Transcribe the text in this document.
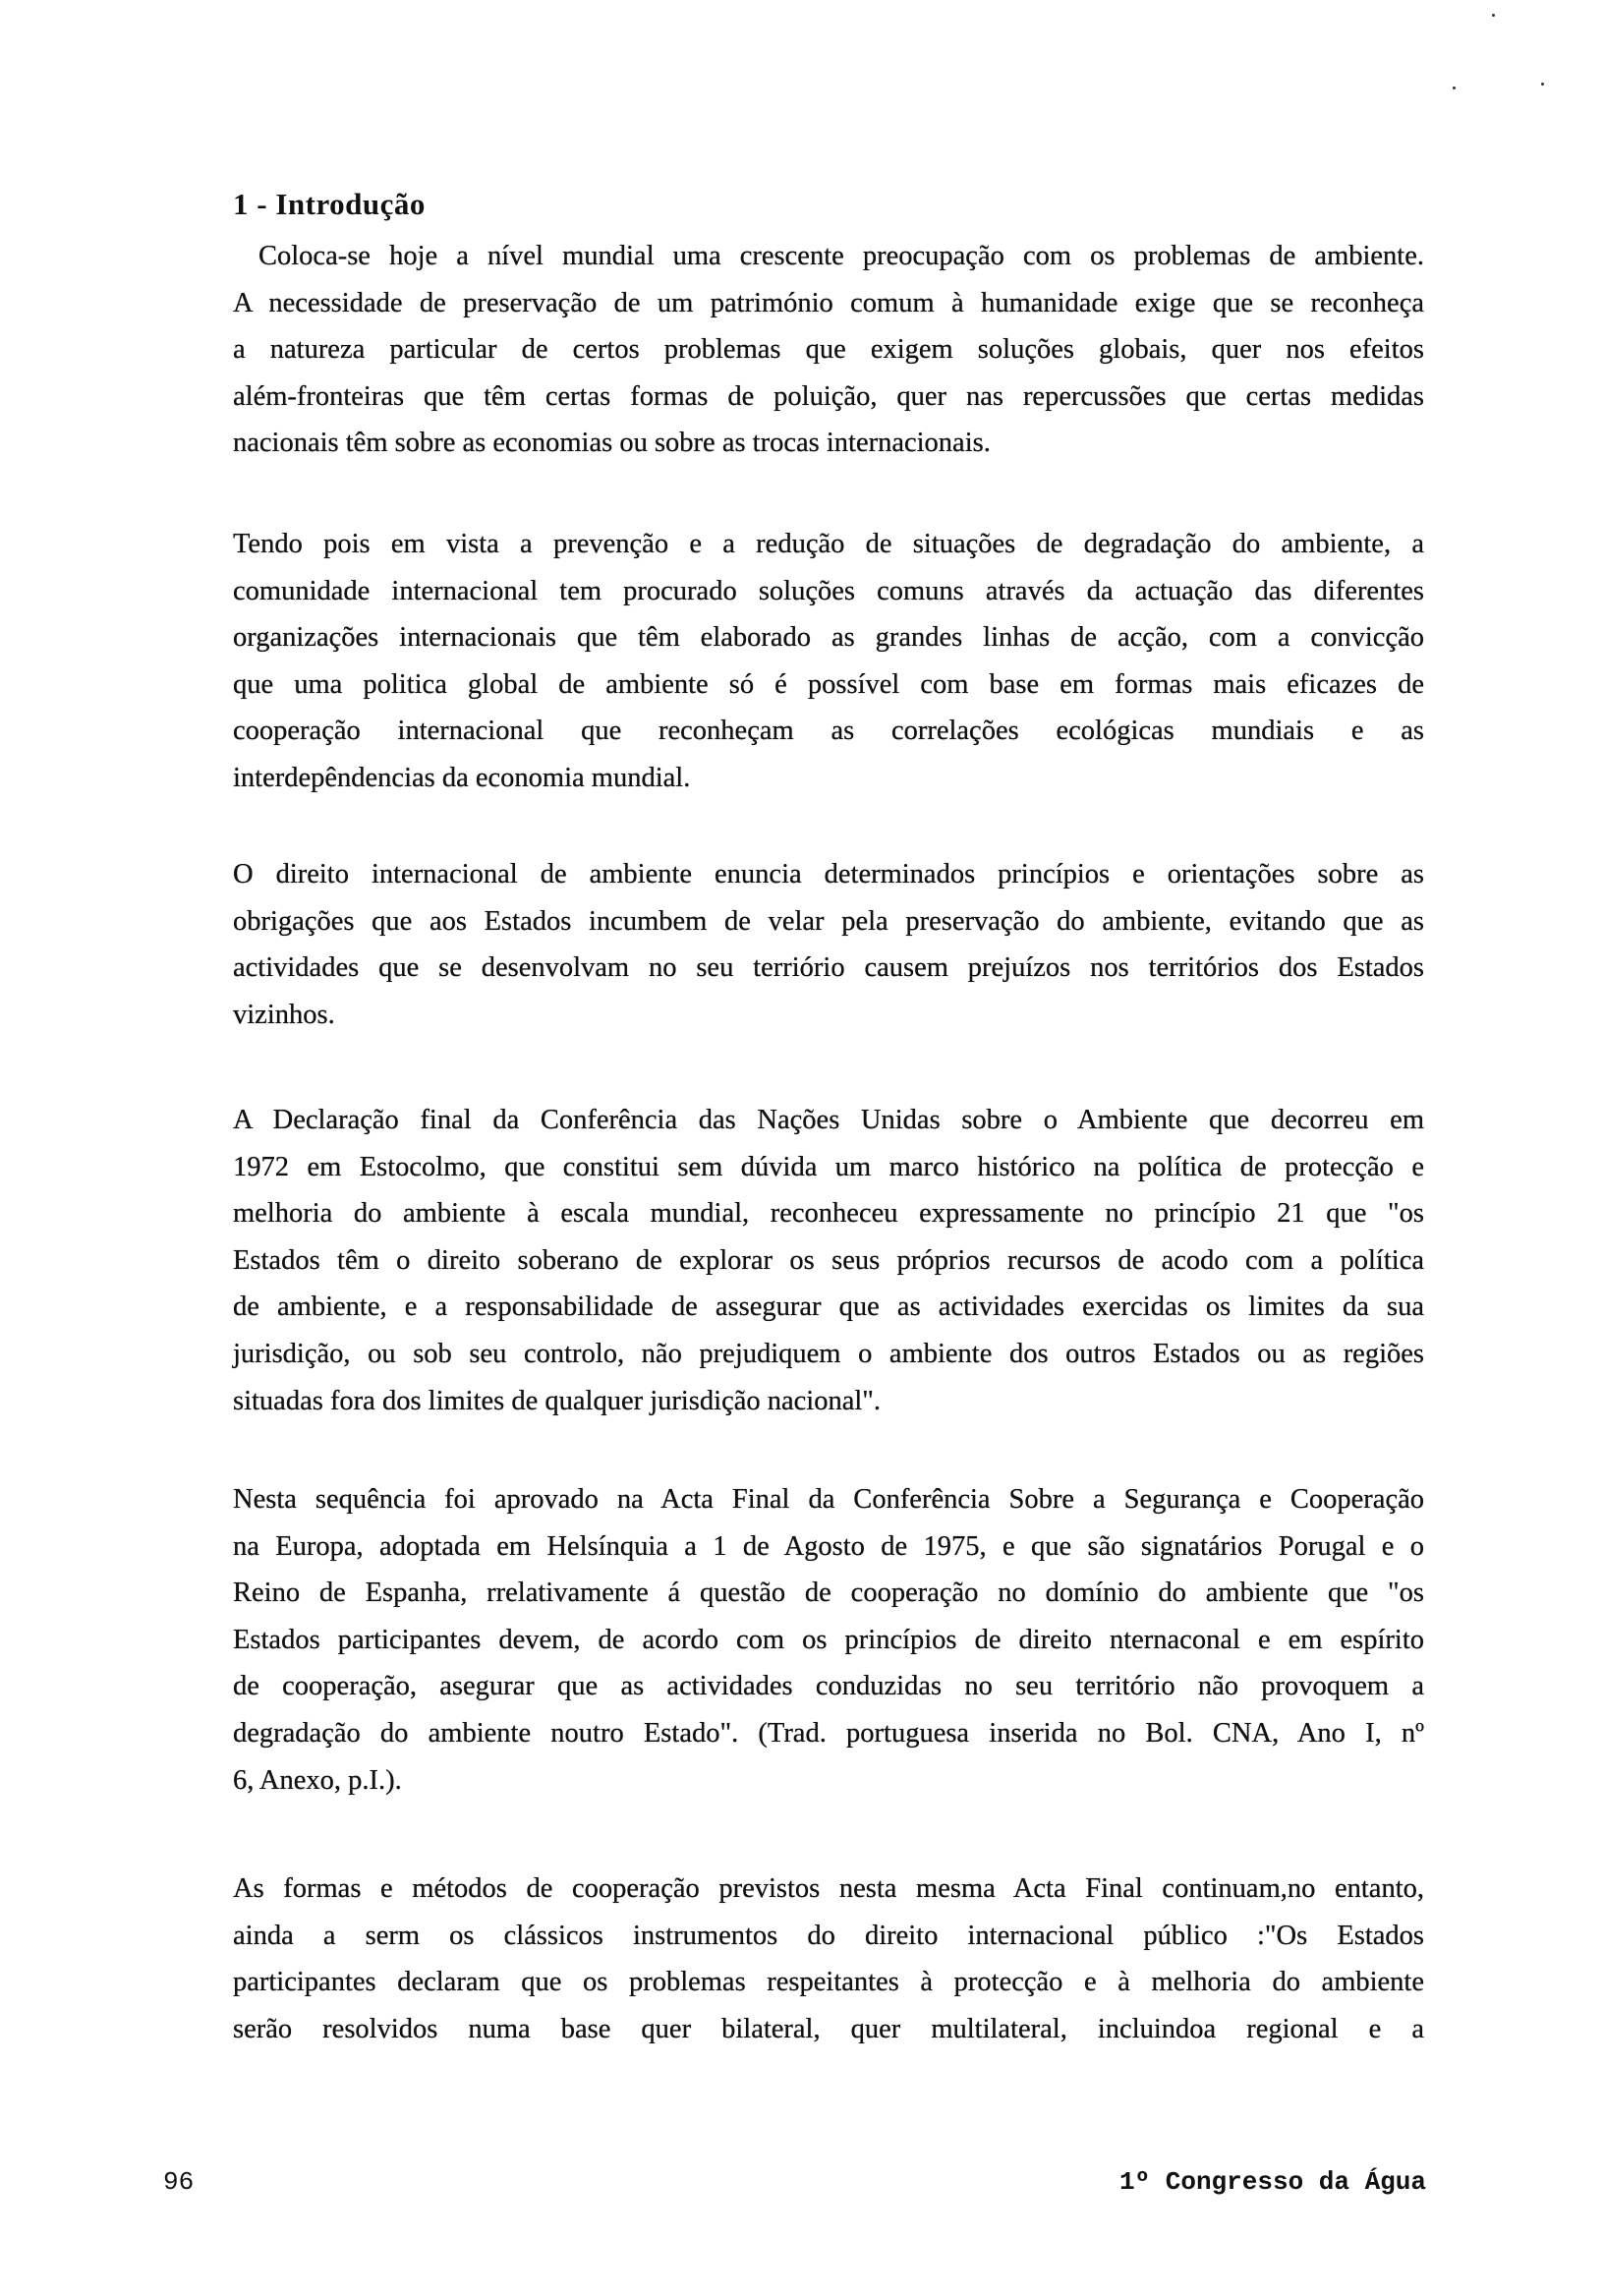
1 - Introdução
Coloca-se hoje a nível mundial uma crescente preocupação com os problemas de ambiente.
A necessidade de preservação de um património comum à humanidade exige que se reconheça
a natureza particular de certos problemas que exigem soluções globais, quer nos efeitos
além-fronteiras que têm certas formas de poluição, quer nas repercussões que certas medidas
nacionais têm sobre as economias ou sobre as trocas internacionais.
Tendo pois em vista a prevenção e a redução de situações de degradação do ambiente, a
comunidade internacional tem procurado soluções comuns através da actuação das diferentes
organizações internacionais que têm elaborado as grandes linhas de acção, com a convicção
que uma politica global de ambiente só é possível com base em formas mais eficazes de
cooperação internacional que reconheçam as correlações ecológicas mundiais e as
interdepêndencias da economia mundial.
O direito internacional de ambiente enuncia determinados princípios e orientações sobre as
obrigações que aos Estados incumbem de velar pela preservação do ambiente, evitando que as
actividades que se desenvolvam no seu terriório causem prejuízos nos territórios dos Estados
vizinhos.
A Declaração final da Conferência das Nações Unidas sobre o Ambiente que decorreu em
1972 em Estocolmo, que constitui sem dúvida um marco histórico na política de protecção e
melhoria do ambiente à escala mundial, reconheceu expressamente no princípio 21 que "os
Estados têm o direito soberano de explorar os seus próprios recursos de acodo com a política
de ambiente, e a responsabilidade de assegurar que as actividades exercidas os limites da sua
jurisdição, ou sob seu controlo, não prejudiquem o ambiente dos outros Estados ou as regiões
situadas fora dos limites de qualquer jurisdição nacional".
Nesta sequência foi aprovado na Acta Final da Conferência Sobre a Segurança e Cooperação
na Europa, adoptada em Helsínquia a 1 de Agosto de 1975, e que são signatários Porugal e o
Reino de Espanha, rrelativamente á questão de cooperação no domínio do ambiente que "os
Estados participantes devem, de acordo com os princípios de direito nternaconal e em espírito
de cooperação, asegurar que as actividades conduzidas no seu território não provoquem a
degradação do ambiente noutro Estado". (Trad. portuguesa inserida no Bol. CNA, Ano I, nº
6, Anexo, p.I.).
As formas e métodos de cooperação previstos nesta mesma Acta Final continuam,no entanto,
ainda a serm os clássicos instrumentos do direito internacional público :"Os Estados
participantes declaram que os problemas respeitantes à protecção e à melhoria do ambiente
serão resolvidos numa base quer bilateral, quer multilateral, incluindoa regional e a
96	1º Congresso da Água
